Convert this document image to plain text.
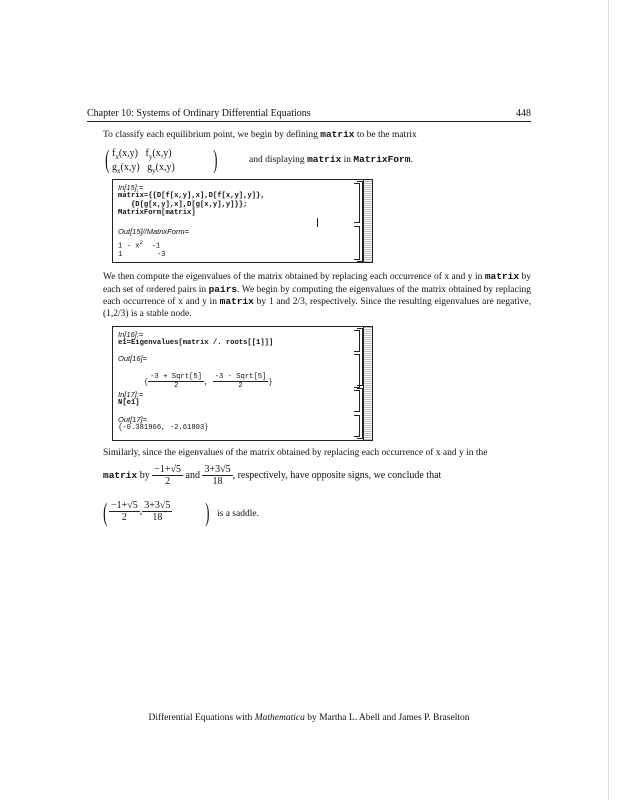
Chapter 10: Systems of Ordinary Differential Equations	448
To classify each equilibrium point, we begin by defining matrix to be the matrix
( $f_x(x,y)$ $f_y(x,y)$
$g_x(x,y)$ $g_y(x,y)$ )	and displaying matrix in MatrixForm.
In[15]:=
matrix={{D[f[x,y],x],D[f[x,y],y]},
{D[g[x,y],x],D[g[x,y],y]}};
MatrixForm[matrix]
Out[15]//MatrixForm=
$1 - x^2$ -1
1	-3
We then compute the eigenvalues of the matrix obtained by replacing each occurrence of x and y in matrix by each set of ordered pairs in pairs. We begin by computing the eigenvalues of the matrix obtained by replacing each occurrence of x and y in matrix by 1 and 2/3, respectively. Since the resulting eigenvalues are negative, (1,2/3) is a stable node.
In[16]:=
e1=Eigenvalues[matrix /. roots[[1]]]
Out[16]=

{ $\frac{\text{-3 + Sqrt[5]}}{2}$ , $\frac{\text{-3 - Sqrt[5]}}{2}$ }

In[17]:=
N[e1]
Out[17]=
{-0.381966, -2.61803}
Similarly, since the eigenvalues of the matrix obtained by replacing each occurrence of x and y in the
matrix by $\frac{-1+√5}{2}$ and $\frac{3+3√5}{18}$ , respectively, have opposite signs, we conclude that
( $\frac{-1+√5}{2}$ , $\frac{3+3√5}{18}$ ) is a saddle.
Differential Equations with Mathematica by Martha L. Abell and James P. Braselton
